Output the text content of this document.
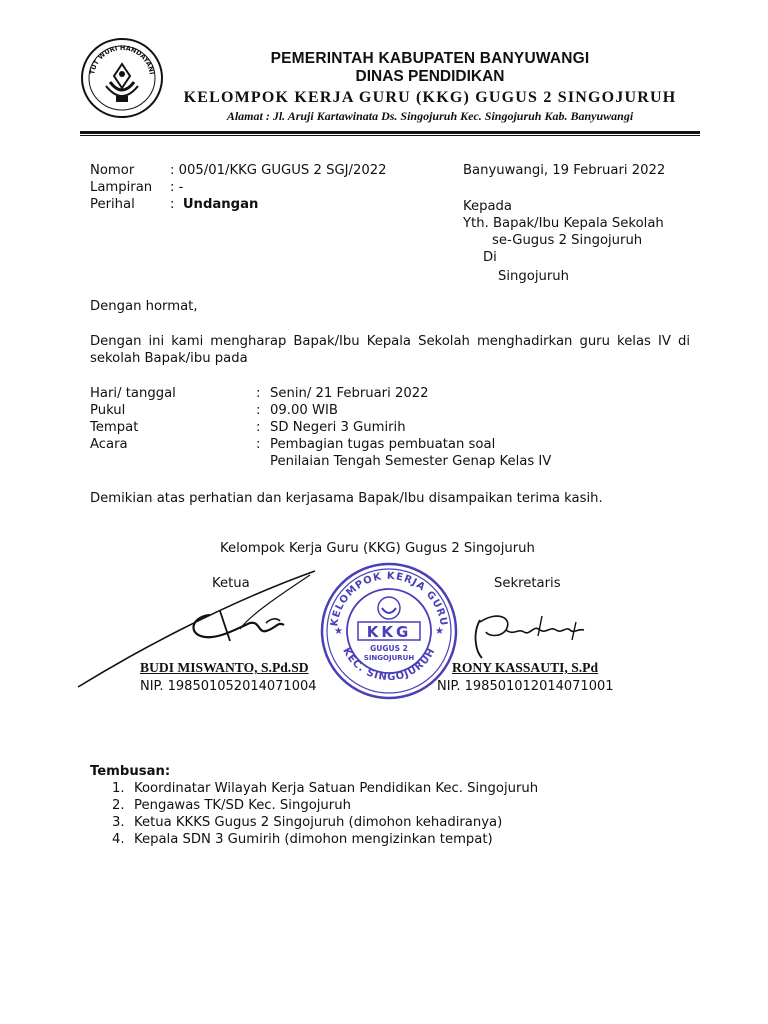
TUT WURI HANDAYANI
PEMERINTAH KABUPATEN BANYUWANGI
DINAS PENDIDIKAN
KELOMPOK KERJA GURU (KKG) GUGUS 2 SINGOJURUH
Alamat : Jl. Aruji Kartawinata Ds. Singojuruh Kec. Singojuruh Kab. Banyuwangi
Nomor	: 005/01/KKG GUGUS 2 SGJ/2022
Lampiran	: -
Perihal	: Undangan
Banyuwangi, 19 Februari 2022
Kepada
Yth. Bapak/Ibu Kepala Sekolah
se-Gugus 2 Singojuruh
Di
Singojuruh
Dengan hormat,
Dengan ini kami mengharap Bapak/Ibu Kepala Sekolah menghadirkan guru kelas IV di sekolah Bapak/ibu pada
Hari/ tanggal	: Senin/ 21 Februari 2022
Pukul	: 09.00 WIB
Tempat	: SD Negeri 3 Gumirih
Acara	: Pembagian tugas pembuatan soal
Penilaian Tengah Semester Genap Kelas IV
Demikian atas perhatian dan kerjasama Bapak/Ibu disampaikan terima kasih.
Kelompok Kerja Guru (KKG) Gugus 2 Singojuruh
Ketua	Sekretaris
KELOMPOK KERJA GURU
KEC. SINGOJURUH
★	★
KKG
GUGUS 2
SINGOJURUH
BUDI MISWANTO, S.Pd.SD
NIP. 198501052014071004
RONY KASSAUTI, S.Pd
NIP. 198501012014071001
Tembusan:
1. Koordinatar Wilayah Kerja Satuan Pendidikan Kec. Singojuruh
2. Pengawas TK/SD Kec. Singojuruh
3. Ketua KKKS Gugus 2 Singojuruh (dimohon kehadiranya)
4. Kepala SDN 3 Gumirih (dimohon mengizinkan tempat)
